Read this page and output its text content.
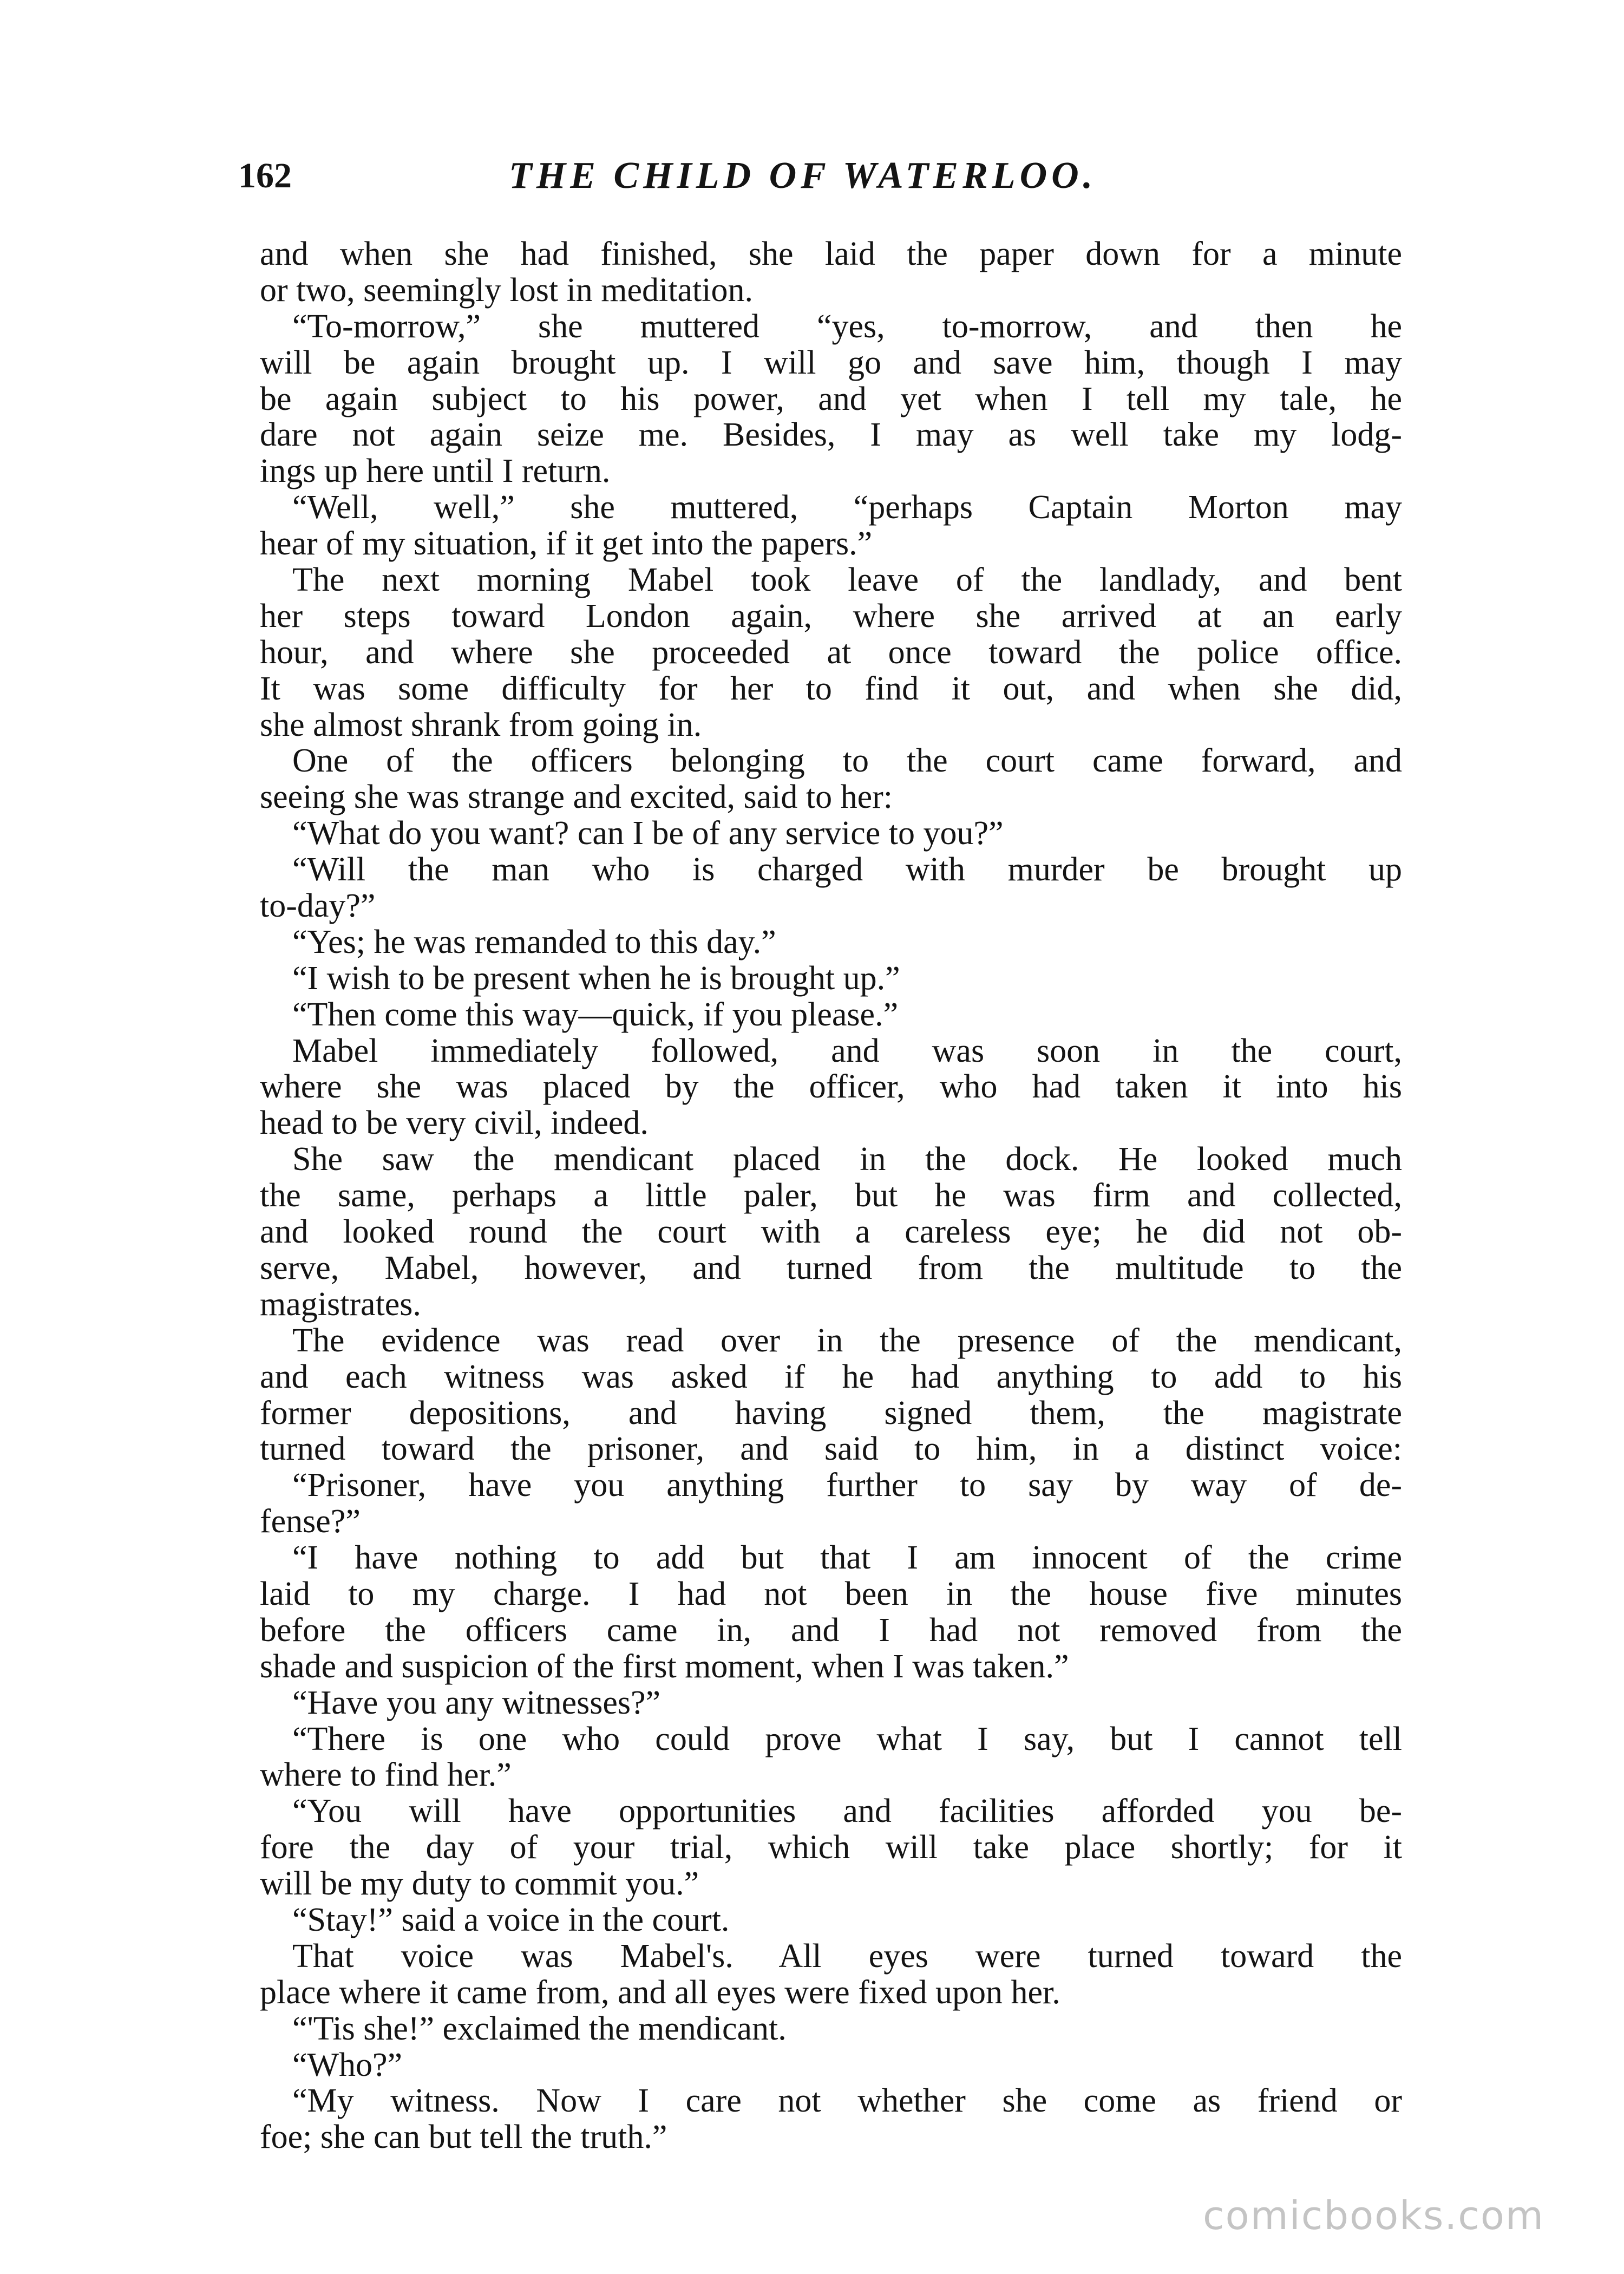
162	THE CHILD OF WATERLOO.
and when she had finished, she laid the paper down for a minute
or two, seemingly lost in meditation.
“To-morrow,” she muttered “yes, to-morrow, and then he
will be again brought up. I will go and save him, though I may
be again subject to his power, and yet when I tell my tale, he
dare not again seize me. Besides, I may as well take my lodg-
ings up here until I return.
“Well, well,” she muttered, “perhaps Captain Morton may
hear of my situation, if it get into the papers.”
The next morning Mabel took leave of the landlady, and bent
her steps toward London again, where she arrived at an early
hour, and where she proceeded at once toward the police office.
It was some difficulty for her to find it out, and when she did,
she almost shrank from going in.
One of the officers belonging to the court came forward, and
seeing she was strange and excited, said to her:
“What do you want? can I be of any service to you?”
“Will the man who is charged with murder be brought up
to-day?”
“Yes; he was remanded to this day.”
“I wish to be present when he is brought up.”
“Then come this way—quick, if you please.”
Mabel immediately followed, and was soon in the court,
where she was placed by the officer, who had taken it into his
head to be very civil, indeed.
She saw the mendicant placed in the dock. He looked much
the same, perhaps a little paler, but he was firm and collected,
and looked round the court with a careless eye; he did not ob-
serve, Mabel, however, and turned from the multitude to the
magistrates.
The evidence was read over in the presence of the mendicant,
and each witness was asked if he had anything to add to his
former depositions, and having signed them, the magistrate
turned toward the prisoner, and said to him, in a distinct voice:
“Prisoner, have you anything further to say by way of de-
fense?”
“I have nothing to add but that I am innocent of the crime
laid to my charge. I had not been in the house five minutes
before the officers came in, and I had not removed from the
shade and suspicion of the first moment, when I was taken.”
“Have you any witnesses?”
“There is one who could prove what I say, but I cannot tell
where to find her.”
“You will have opportunities and facilities afforded you be-
fore the day of your trial, which will take place shortly; for it
will be my duty to commit you.”
“Stay!” said a voice in the court.
That voice was Mabel's. All eyes were turned toward the
place where it came from, and all eyes were fixed upon her.
“'Tis she!” exclaimed the mendicant.
“Who?”
“My witness. Now I care not whether she come as friend or
foe; she can but tell the truth.”
comicbooks.com
